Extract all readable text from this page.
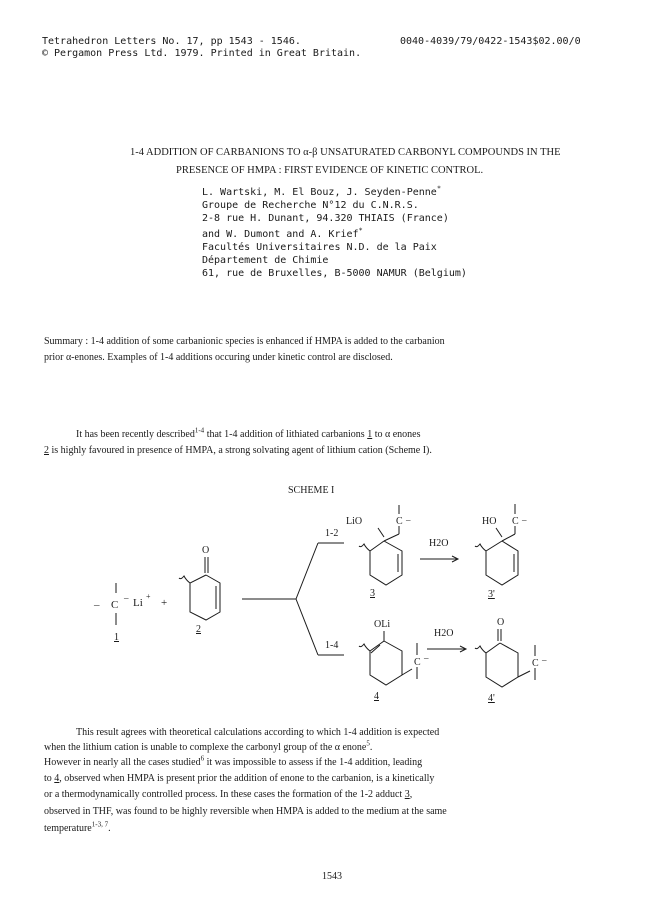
Tetrahedron Letters No. 17, pp 1543 - 1546.
© Pergamon Press Ltd. 1979. Printed in Great Britain.
0040-4039/79/0422-1543$02.00/0
1-4 ADDITION OF CARBANIONS TO α-β UNSATURATED CARBONYL COMPOUNDS IN THE
PRESENCE OF HMPA : FIRST EVIDENCE OF KINETIC CONTROL.
L. Wartski, M. El Bouz, J. Seyden-Penne*
Groupe de Recherche N°12 du C.N.R.S.
2-8 rue H. Dunant, 94.320 THIAIS (France)
and W. Dumont and A. Krief*
Facultés Universitaires N.D. de la Paix
Département de Chimie
61, rue de Bruxelles, B-5000 NAMUR (Belgium)
Summary : 1-4 addition of some carbanionic species is enhanced if HMPA is added to the carbanion
prior α-enones. Examples of 1-4 additions occuring under kinetic control are disclosed.
It has been recently described$^{1-4}$ that 1-4 addition of lithiated carbanions 1 to α enones
2 is highly favoured in presence of HMPA, a strong solvating agent of lithium cation (Scheme I).
SCHEME I
– C
– Li
+
+
1
O
2
1-2
1-4
LiO	C –
3
H2O
HO C –
3'
OLi
C –
4
H2O
O
C –
4'
This result agrees with theoretical calculations according to which 1-4 addition is expected
when the lithium cation is unable to complexe the carbonyl group of the α enone$^5$.
However in nearly all the cases studied$^6$ it was impossible to assess if the 1-4 addition, leading
to 4, observed when HMPA is present prior the addition of enone to the carbanion, is a kinetically
or a thermodynamically controlled process. In these cases the formation of the 1-2 adduct 3,
observed in THF, was found to be highly reversible when HMPA is added to the medium at the same
temperature$^{1-3, 7}$.
1543
